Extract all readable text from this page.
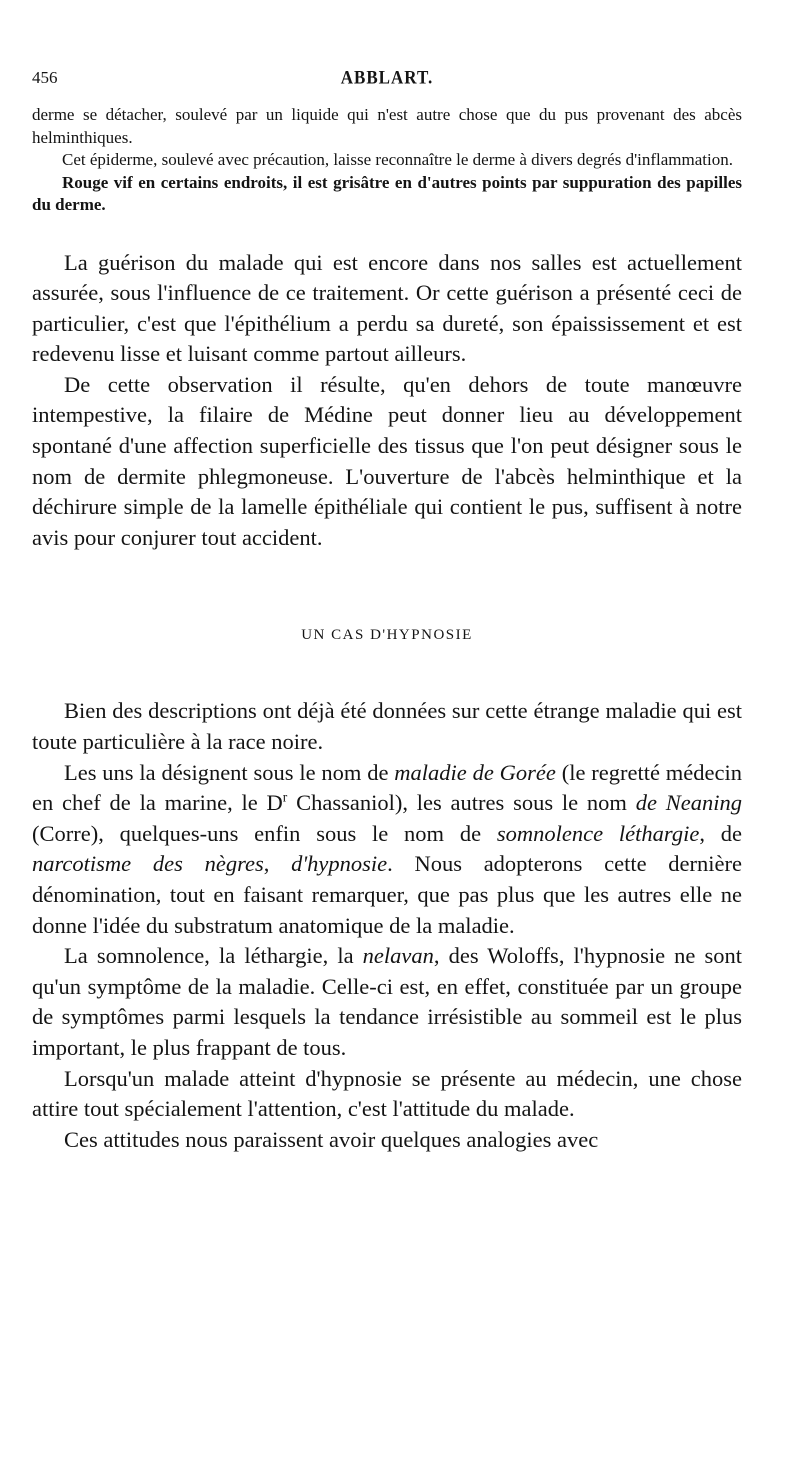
456	ABBLART.

derme se détacher, soulevé par un liquide qui n'est autre chose que du pus provenant des abcès helminthiques.

Cet épiderme, soulevé avec précaution, laisse reconnaître le derme à divers degrés d'inflammation.

Rouge vif en certains endroits, il est grisâtre en d'autres points par suppuration des papilles du derme.

La guérison du malade qui est encore dans nos salles est actuellement assurée, sous l'influence de ce traitement. Or cette guérison a présenté ceci de particulier, c'est que l'épithélium a perdu sa dureté, son épaississement et est redevenu lisse et luisant comme partout ailleurs.

De cette observation il résulte, qu'en dehors de toute manœuvre intempestive, la filaire de Médine peut donner lieu au développement spontané d'une affection superficielle des tissus que l'on peut désigner sous le nom de dermite phlegmoneuse. L'ouverture de l'abcès helminthique et la déchirure simple de la lamelle épithéliale qui contient le pus, suffisent à notre avis pour conjurer tout accident.

UN CAS D'HYPNOSIE

Bien des descriptions ont déjà été données sur cette étrange maladie qui est toute particulière à la race noire.

Les uns la désignent sous le nom de maladie de Gorée (le regretté médecin en chef de la marine, le $D^r$ Chassaniol), les autres sous le nom de Neaning (Corre), quelques-uns enfin sous le nom de somnolence léthargie, de narcotisme des nègres, d'hypnosie. Nous adopterons cette dernière dénomination, tout en faisant remarquer, que pas plus que les autres elle ne donne l'idée du substratum anatomique de la maladie.

La somnolence, la léthargie, la nelavan, des Woloffs, l'hypnosie ne sont qu'un symptôme de la maladie. Celle-ci est, en effet, constituée par un groupe de symptômes parmi lesquels la tendance irrésistible au sommeil est le plus important, le plus frappant de tous.

Lorsqu'un malade atteint d'hypnosie se présente au médecin, une chose attire tout spécialement l'attention, c'est l'attitude du malade.

Ces attitudes nous paraissent avoir quelques analogies avec
